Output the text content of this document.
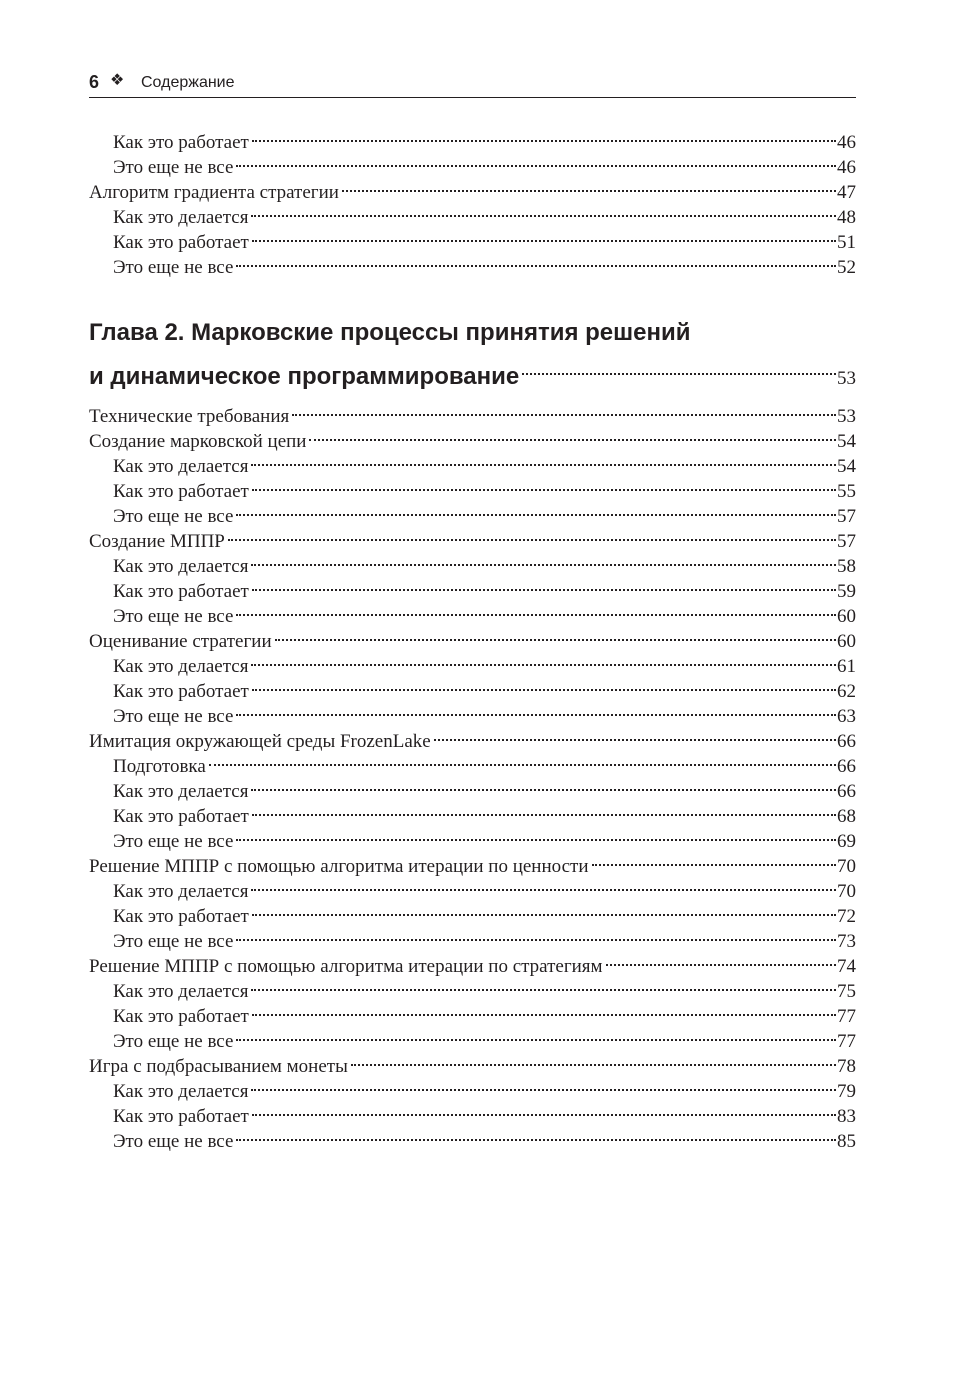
6 ❖ Содержание
Как это работает	46
Это еще не все	46
Алгоритм градиента стратегии	47
Как это делается	48
Как это работает	51
Это еще не все	52
Глава 2. Марковские процессы принятия решений
и динамическое программирование	53
Технические требования	53
Создание марковской цепи	54
Как это делается	54
Как это работает	55
Это еще не все	57
Создание МППР	57
Как это делается	58
Как это работает	59
Это еще не все	60
Оценивание стратегии	60
Как это делается	61
Как это работает	62
Это еще не все	63
Имитация окружающей среды FrozenLake	66
Подготовка	66
Как это делается	66
Как это работает	68
Это еще не все	69
Решение МППР с помощью алгоритма итерации по ценности	70
Как это делается	70
Как это работает	72
Это еще не все	73
Решение МППР с помощью алгоритма итерации по стратегиям	74
Как это делается	75
Как это работает	77
Это еще не все	77
Игра с подбрасыванием монеты	78
Как это делается	79
Как это работает	83
Это еще не все	85
